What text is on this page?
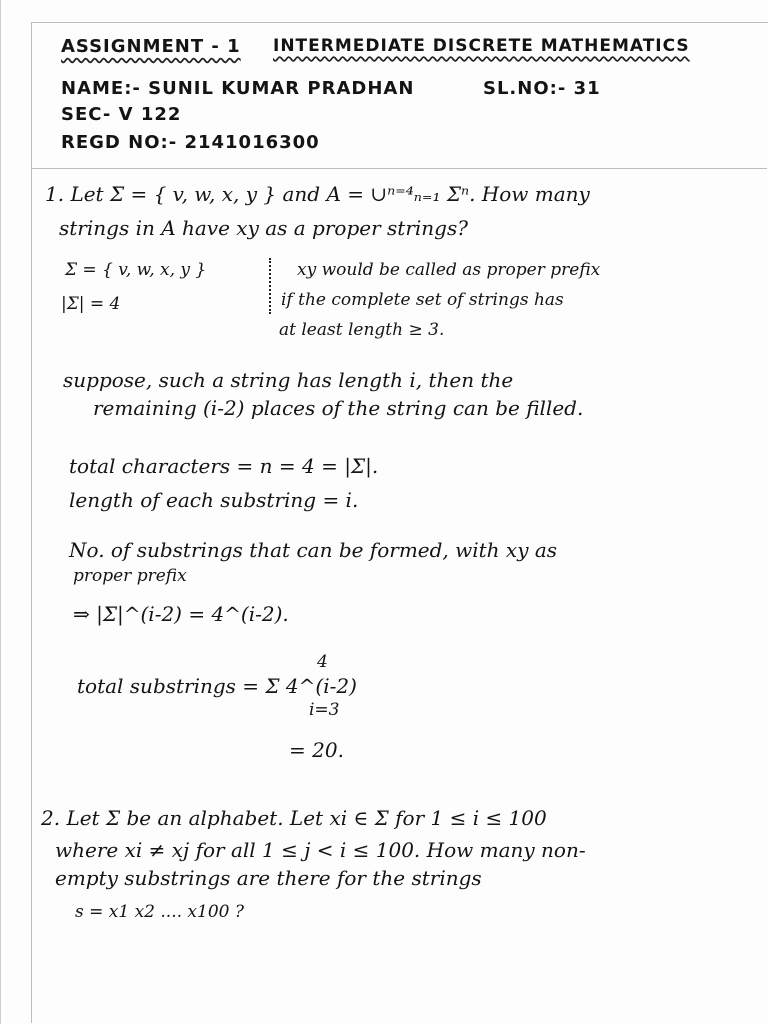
ASSIGNMENT - 1 INTERMEDIATE DISCRETE MATHEMATICS
NAME:- SUNIL KUMAR PRADHAN	SL.NO:- 31
SEC- V 122
REGD NO:- 2141016300
1. Let Σ = { v, w, x, y } and A = ∪ⁿ⁼⁴ₙ₌₁ Σⁿ. How many
strings in A have xy as a proper strings?
Σ = { v, w, x, y }
|Σ| = 4
xy would be called as proper prefix
if the complete set of strings has
at least length ≥ 3.
suppose, such a string has length i, then the
remaining (i-2) places of the string can be filled.
total characters = n = 4 = |Σ|.
length of each substring = i.
No. of substrings that can be formed, with xy as
proper prefix
⇒ |Σ|^(i-2) = 4^(i-2).
4
total substrings = Σ 4^(i-2)
i=3
= 20.
2. Let Σ be an alphabet. Let xi ∈ Σ for 1 ≤ i ≤ 100
where xi ≠ xj for all 1 ≤ j < i ≤ 100. How many non-
empty substrings are there for the strings
s = x1 x2 .... x100 ?
